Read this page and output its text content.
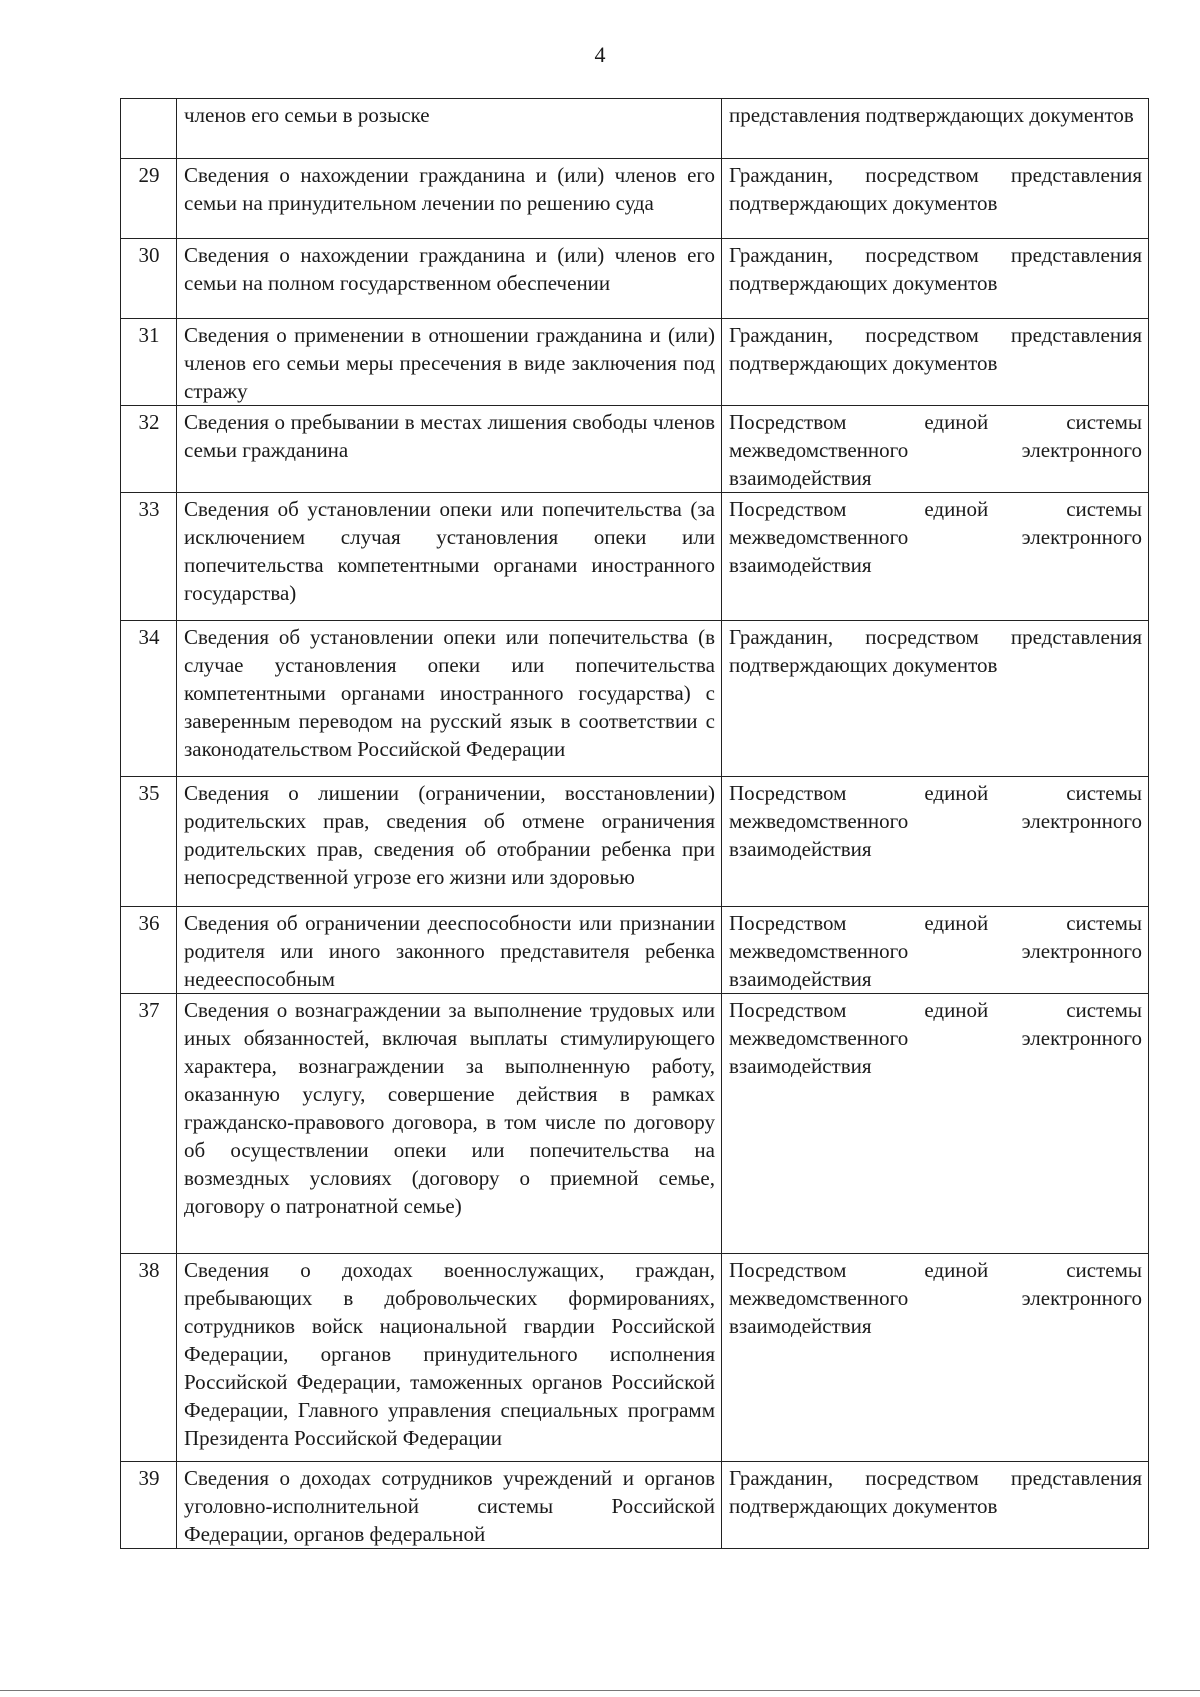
4
	членов его семьи в розыске	представления подтверждающих документов
29	Сведения о нахождении гражданина и (или) членов его семьи на принудительном лечении по решению суда	Гражданин, посредством представления подтверждающих документов
30	Сведения о нахождении гражданина и (или) членов его семьи на полном государственном обеспечении	Гражданин, посредством представления подтверждающих документов
31	Сведения о применении в отношении гражданина и (или) членов его семьи меры пресечения в виде заключения под стражу	Гражданин, посредством представления подтверждающих документов
32	Сведения о пребывании в местах лишения свободы членов семьи гражданина	Посредством единой системы межведомственного электронного взаимодействия
33	Сведения об установлении опеки или попечительства (за исключением случая установления опеки или попечительства компетентными органами иностранного государства)	Посредством единой системы межведомственного электронного взаимодействия
34	Сведения об установлении опеки или попечительства (в случае установления опеки или попечительства компетентными органами иностранного государства) с заверенным переводом на русский язык в соответствии с законодательством Российской Федерации	Гражданин, посредством представления подтверждающих документов
35	Сведения о лишении (ограничении, восстановлении) родительских прав, сведения об отмене ограничения родительских прав, сведения об отобрании ребенка при непосредственной угрозе его жизни или здоровью	Посредством единой системы межведомственного электронного взаимодействия
36	Сведения об ограничении дееспособности или признании родителя или иного законного представителя ребенка недееспособным	Посредством единой системы межведомственного электронного взаимодействия
37	Сведения о вознаграждении за выполнение трудовых или иных обязанностей, включая выплаты стимулирующего характера, вознаграждении за выполненную работу, оказанную услугу, совершение действия в рамках гражданско-правового договора, в том числе по договору об осуществлении опеки или попечительства на возмездных условиях (договору о приемной семье, договору о патронатной семье)	Посредством единой системы межведомственного электронного взаимодействия
38	Сведения о доходах военнослужащих, граждан, пребывающих в добровольческих формированиях, сотрудников войск национальной гвардии Российской Федерации, органов принудительного исполнения Российской Федерации, таможенных органов Российской Федерации, Главного управления специальных программ Президента Российской Федерации	Посредством единой системы межведомственного электронного взаимодействия
39	Сведения о доходах сотрудников учреждений и органов уголовно-исполнительной системы Российской Федерации, органов федеральной	Гражданин, посредством представления подтверждающих документов
